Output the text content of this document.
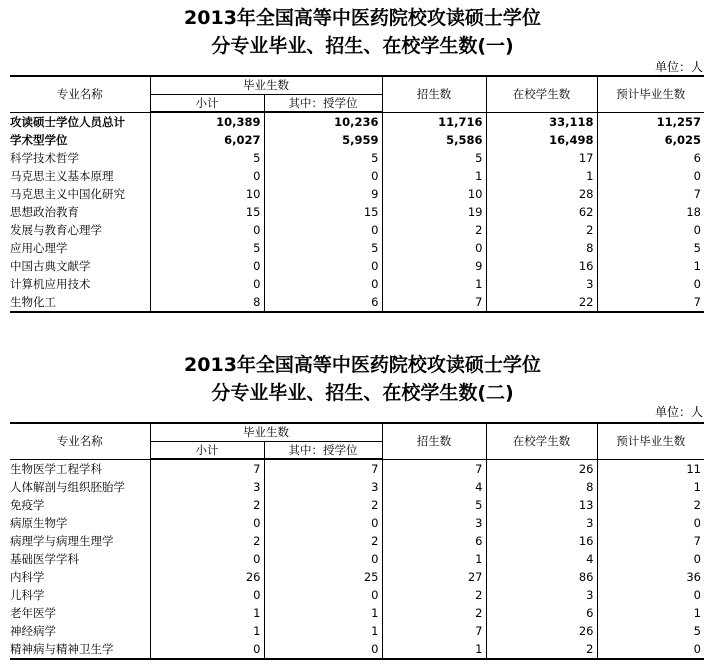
2013年全国高等中医药院校攻读硕士学位
分专业毕业、招生、在校学生数(一)
单位：人
专业名称	毕业生数		招生数	在校学生数	预计毕业生数
	小计	其中：授学位			
攻读硕士学位人员总计	10,389	10,236	11,716	33,118	11,257
学术型学位	6,027	5,959	5,586	16,498	6,025
科学技术哲学	5	5	5	17	6
马克思主义基本原理	0	0	1	1	0
马克思主义中国化研究	10	9	10	28	7
思想政治教育	15	15	19	62	18
发展与教育心理学	0	0	2	2	0
应用心理学	5	5	0	8	5
中国古典文献学	0	0	9	16	1
计算机应用技术	0	0	1	3	0
生物化工	8	6	7	22	7
2013年全国高等中医药院校攻读硕士学位
分专业毕业、招生、在校学生数(二)
单位：人
专业名称	毕业生数		招生数	在校学生数	预计毕业生数
	小计	其中：授学位			
生物医学工程学科	7	7	7	26	11
人体解剖与组织胚胎学	3	3	4	8	1
免疫学	2	2	5	13	2
病原生物学	0	0	3	3	0
病理学与病理生理学	2	2	6	16	7
基础医学学科	0	0	1	4	0
内科学	26	25	27	86	36
儿科学	0	0	2	3	0
老年医学	1	1	2	6	1
神经病学	1	1	7	26	5
精神病与精神卫生学	0	0	1	2	0
